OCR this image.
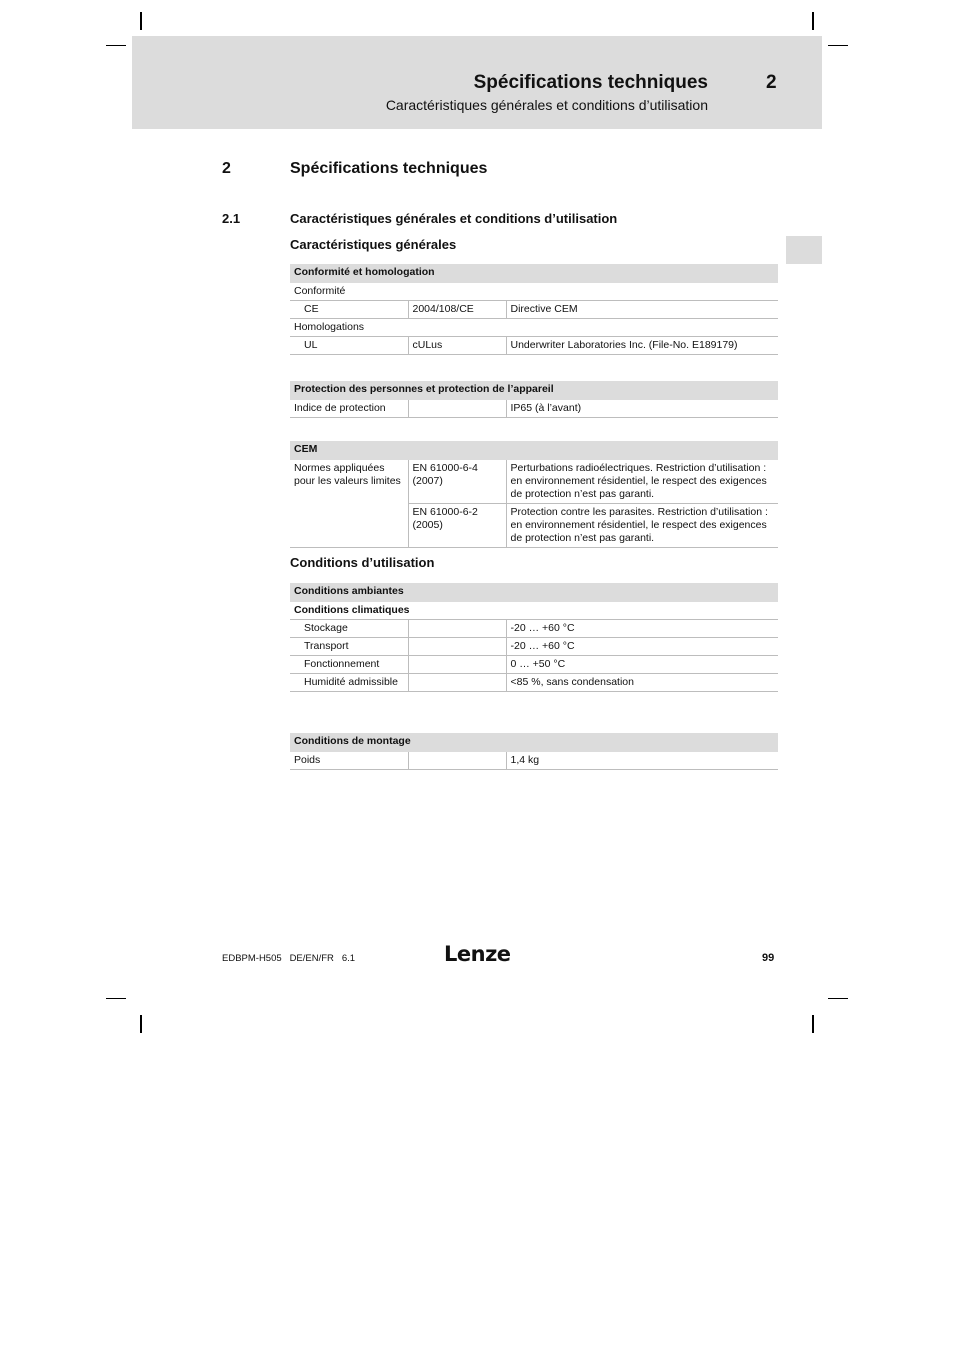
Spécifications techniques	2
Caractéristiques générales et conditions d’utilisation
2	Spécifications techniques
2.1	Caractéristiques générales et conditions d’utilisation
Caractéristiques générales
Conformité et homologation		
Conformité		
CE	2004/108/CE	Directive CEM
Homologations		
UL	cULus	Underwriter Laboratories Inc. (File-No. E189179)
Protection des personnes et protection de l’appareil
Indice de protection		IP65 (à l’avant)
CEM		
Normes appliquées pour les valeurs limites	EN 61000-6-4 (2007)	Perturbations radioélectriques. Restriction d’utilisation : en environnement résidentiel, le respect des exigences de protection n’est pas garanti.
	EN 61000-6-2 (2005)	Protection contre les parasites. Restriction d’utilisation : en environnement résidentiel, le respect des exigences de protection n’est pas garanti.
Conditions d’utilisation
Conditions ambiantes		
Conditions climatiques		
Stockage		-20 … +60 °C
Transport		-20 … +60 °C
Fonctionnement		0 … +50 °C
Humidité admissible		<85 %, sans condensation
Conditions de montage
Poids		1,4 kg
EDBPM-H505   DE/EN/FR   6.1	Lenze	99
